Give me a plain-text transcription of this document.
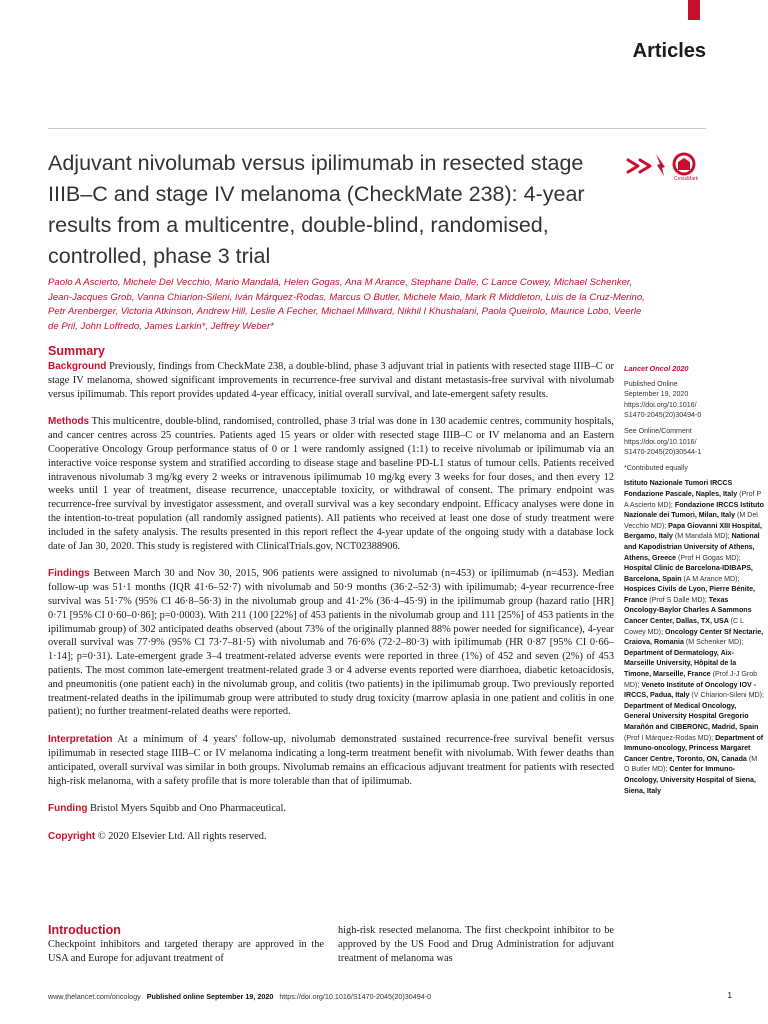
Articles
Adjuvant nivolumab versus ipilimumab in resected stage IIIB–C and stage IV melanoma (CheckMate 238): 4-year results from a multicentre, double-blind, randomised, controlled, phase 3 trial
CrossMark

Paolo A Ascierto, Michele Del Vecchio, Mario Mandalá, Helen Gogas, Ana M Arance, Stephane Dalle, C Lance Cowey, Michael Schenker, Jean-Jacques Grob, Vanna Chiarion-Sileni, Iván Márquez-Rodas, Marcus O Butler, Michele Maio, Mark R Middleton, Luis de la Cruz-Merino, Petr Arenberger, Victoria Atkinson, Andrew Hill, Leslie A Fecher, Michael Millward, Nikhil I Khushalani, Paola Queirolo, Maurice Lobo, Veerle de Pril, John Loffredo, James Larkin*, Jeffrey Weber*

Summary

Background Previously, findings from CheckMate 238, a double-blind, phase 3 adjuvant trial in patients with resected stage IIIB–C or stage IV melanoma, showed significant improvements in recurrence-free survival and distant metastasis-free survival with nivolumab versus ipilimumab. This report provides updated 4-year efficacy, initial overall survival, and late-emergent safety results.

Methods This multicentre, double-blind, randomised, controlled, phase 3 trial was done in 130 academic centres, community hospitals, and cancer centres across 25 countries. Patients aged 15 years or older with resected stage IIIB–C or IV melanoma and an Eastern Cooperative Oncology Group performance status of 0 or 1 were randomly assigned (1:1) to receive nivolumab or ipilimumab via an interactive voice response system and stratified according to disease stage and baseline PD-L1 status of tumour cells. Patients received intravenous nivolumab 3 mg/kg every 2 weeks or intravenous ipilimumab 10 mg/kg every 3 weeks for four doses, and then every 12 weeks until 1 year of treatment, disease recurrence, unacceptable toxicity, or withdrawal of consent. The primary endpoint was recurrence-free survival by investigator assessment, and overall survival was a key secondary endpoint. Efficacy analyses were done in the intention-to-treat population (all randomly assigned patients). All patients who received at least one dose of study treatment were included in the safety analysis. The results presented in this report reflect the 4-year update of the ongoing study with a database lock date of Jan 30, 2020. This study is registered with ClinicalTrials.gov, NCT02388906.

Findings Between March 30 and Nov 30, 2015, 906 patients were assigned to nivolumab (n=453) or ipilimumab (n=453). Median follow-up was 51·1 months (IQR 41·6–52·7) with nivolumab and 50·9 months (36·2–52·3) with ipilimumab; 4-year recurrence-free survival was 51·7% (95% CI 46·8–56·3) in the nivolumab group and 41·2% (36·4–45·9) in the ipilimumab group (hazard ratio [HR] 0·71 [95% CI 0·60–0·86]; p=0·0003). With 211 (100 [22%] of 453 patients in the nivolumab group and 111 [25%] of 453 patients in the ipilimumab group) of 302 anticipated deaths observed (about 73% of the originally planned 88% power needed for significance), 4-year overall survival was 77·9% (95% CI 73·7–81·5) with nivolumab and 76·6% (72·2–80·3) with ipilimumab (HR 0·87 [95% CI 0·66–1·14]; p=0·31). Late-emergent grade 3–4 treatment-related adverse events were reported in three (1%) of 452 and seven (2%) of 453 patients. The most common late-emergent treatment-related grade 3 or 4 adverse events reported were diarrhoea, diabetic ketoacidosis, and pneumonitis (one patient each) in the nivolumab group, and colitis (two patients) in the ipilimumab group. Two previously reported treatment-related deaths in the ipilimumab group were attributed to study drug toxicity (marrow aplasia in one patient and colitis in one patient); no further treatment-related deaths were reported.

Interpretation At a minimum of 4 years' follow-up, nivolumab demonstrated sustained recurrence-free survival benefit versus ipilimumab in resected stage IIIB–C or IV melanoma indicating a long-term treatment benefit with nivolumab. With fewer deaths than anticipated, overall survival was similar in both groups. Nivolumab remains an efficacious adjuvant treatment for patients with resected high-risk melanoma, with a safety profile that is more tolerable than that of ipilimumab.

Funding Bristol Myers Squibb and Ono Pharmaceutical.

Copyright © 2020 Elsevier Ltd. All rights reserved.

Lancet Oncol 2020

Published Online
September 19, 2020
https://doi.org/10.1016/
S1470-2045(20)30494-0

See Online/Comment
https://doi.org/10.1016/
S1470-2045(20)30544-1

*Contributed equally

Istituto Nazionale Tumori IRCCS Fondazione Pascale, Naples, Italy (Prof P A Ascierto MD); Fondazione IRCCS Istituto Nazionale dei Tumori, Milan, Italy (M Del Vecchio MD); Papa Giovanni XIII Hospital, Bergamo, Italy (M Mandalá MD); National and Kapodistrian University of Athens, Athens, Greece (Prof H Gogas MD); Hospital Clinic de Barcelona-IDIBAPS, Barcelona, Spain (A M Arance MD); Hospices Civils de Lyon, Pierre Bénite, France (Prof S Dalle MD); Texas Oncology-Baylor Charles A Sammons Cancer Center, Dallas, TX, USA (C L Cowey MD); Oncology Center Sf Nectarie, Craiova, Romania (M Schenker MD); Department of Dermatology, Aix-Marseille University, Hôpital de la Timone, Marseille, France (Prof J-J Grob MD); Veneto Institute of Oncology IOV - IRCCS, Padua, Italy (V Chiarion-Sileni MD); Department of Medical Oncology, General University Hospital Gregorio Marañón and CIBERONC, Madrid, Spain (Prof I Márquez-Rodas MD); Department of Immuno-oncology, Princess Margaret Cancer Centre, Toronto, ON, Canada (M O Butler MD); Center for Immuno-Oncology, University Hospital of Siena, Siena, Italy

Introduction

Checkpoint inhibitors and targeted therapy are approved in the USA and Europe for adjuvant treatment of

high-risk resected melanoma. The first checkpoint inhibitor to be approved by the US Food and Drug Administration for adjuvant treatment of melanoma was

www.thelancet.com/oncology Published online September 19, 2020 https://doi.org/10.1016/S1470-2045(20)30494-0	1
